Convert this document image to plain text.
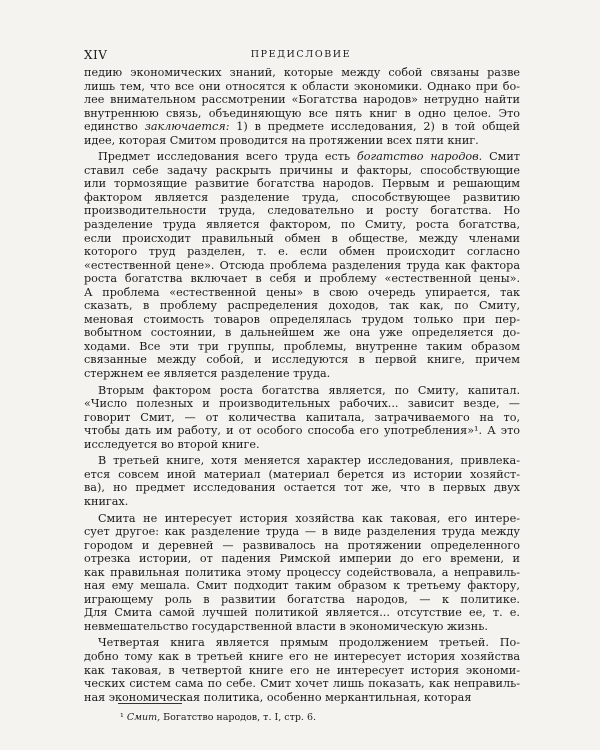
XIV	ПРЕДИСЛОВИЕ
педию экономических знаний, которые между собой связаны разве
лишь тем, что все они относятся к области экономики. Однако при бо-
лее внимательном рассмотрении «Богатства народов» нетрудно найти
внутреннюю связь, объединяющую все пять книг в одно целое. Это
единство заключается: 1) в предмете исследования, 2) в той общей
идее, которая Смитом проводится на протяжении всех пяти книг.
Предмет исследования всего труда есть богатство народов. Смит
ставил себе задачу раскрыть причины и факторы, способствующие
или тормозящие развитие богатства народов. Первым и решающим
фактором является разделение труда, способствующее развитию
производительности труда, следовательно и росту богатства. Но
разделение труда является фактором, по Смиту, роста богатства,
если происходит правильный обмен в обществе, между членами
которого труд разделен, т. е. если обмен происходит согласно
«естественной цене». Отсюда проблема разделения труда как фактора
роста богатства включает в себя и проблему «естественной цены».
А проблема «естественной цены» в свою очередь упирается, так
сказать, в проблему распределения доходов, так как, по Смиту,
меновая стоимость товаров определялась трудом только при пер-
вобытном состоянии, в дальнейшем же она уже определяется до-
ходами. Все эти три группы, проблемы, внутренне таким образом
связанные между собой, и исследуются в первой книге, причем
стержнем ее является разделение труда.
Вторым фактором роста богатства является, по Смиту, капитал.
«Число полезных и производительных рабочих... зависит везде, —
говорит Смит, — от количества капитала, затрачиваемого на то,
чтобы дать им работу, и от особого способа его употребления»¹. А это
исследуется во второй книге.
В третьей книге, хотя меняется характер исследования, привлека-
ется совсем иной материал (материал берется из истории хозяйст-
ва), но предмет исследования остается тот же, что в первых двух
книгах.
Смита не интересует история хозяйства как таковая, его интере-
сует другое: как разделение труда — в виде разделения труда между
городом и деревней — развивалось на протяжении определенного
отрезка истории, от падения Римской империи до его времени, и
как правильная политика этому процессу содействовала, а неправиль-
ная ему мешала. Смит подходит таким образом к третьему фактору,
играющему роль в развитии богатства народов, — к политике.
Для Смита самой лучшей политикой является... отсутствие ее, т. е.
невмешательство государственной власти в экономическую жизнь.
Четвертая книга является прямым продолжением третьей. По-
добно тому как в третьей книге его не интересует история хозяйства
как таковая, в четвертой книге его не интересует история экономи-
ческих систем сама по себе. Смит хочет лишь показать, как неправиль-
ная экономическая политика, особенно меркантильная, которая
¹ Смит, Богатство народов, т. I, стр. 6.
